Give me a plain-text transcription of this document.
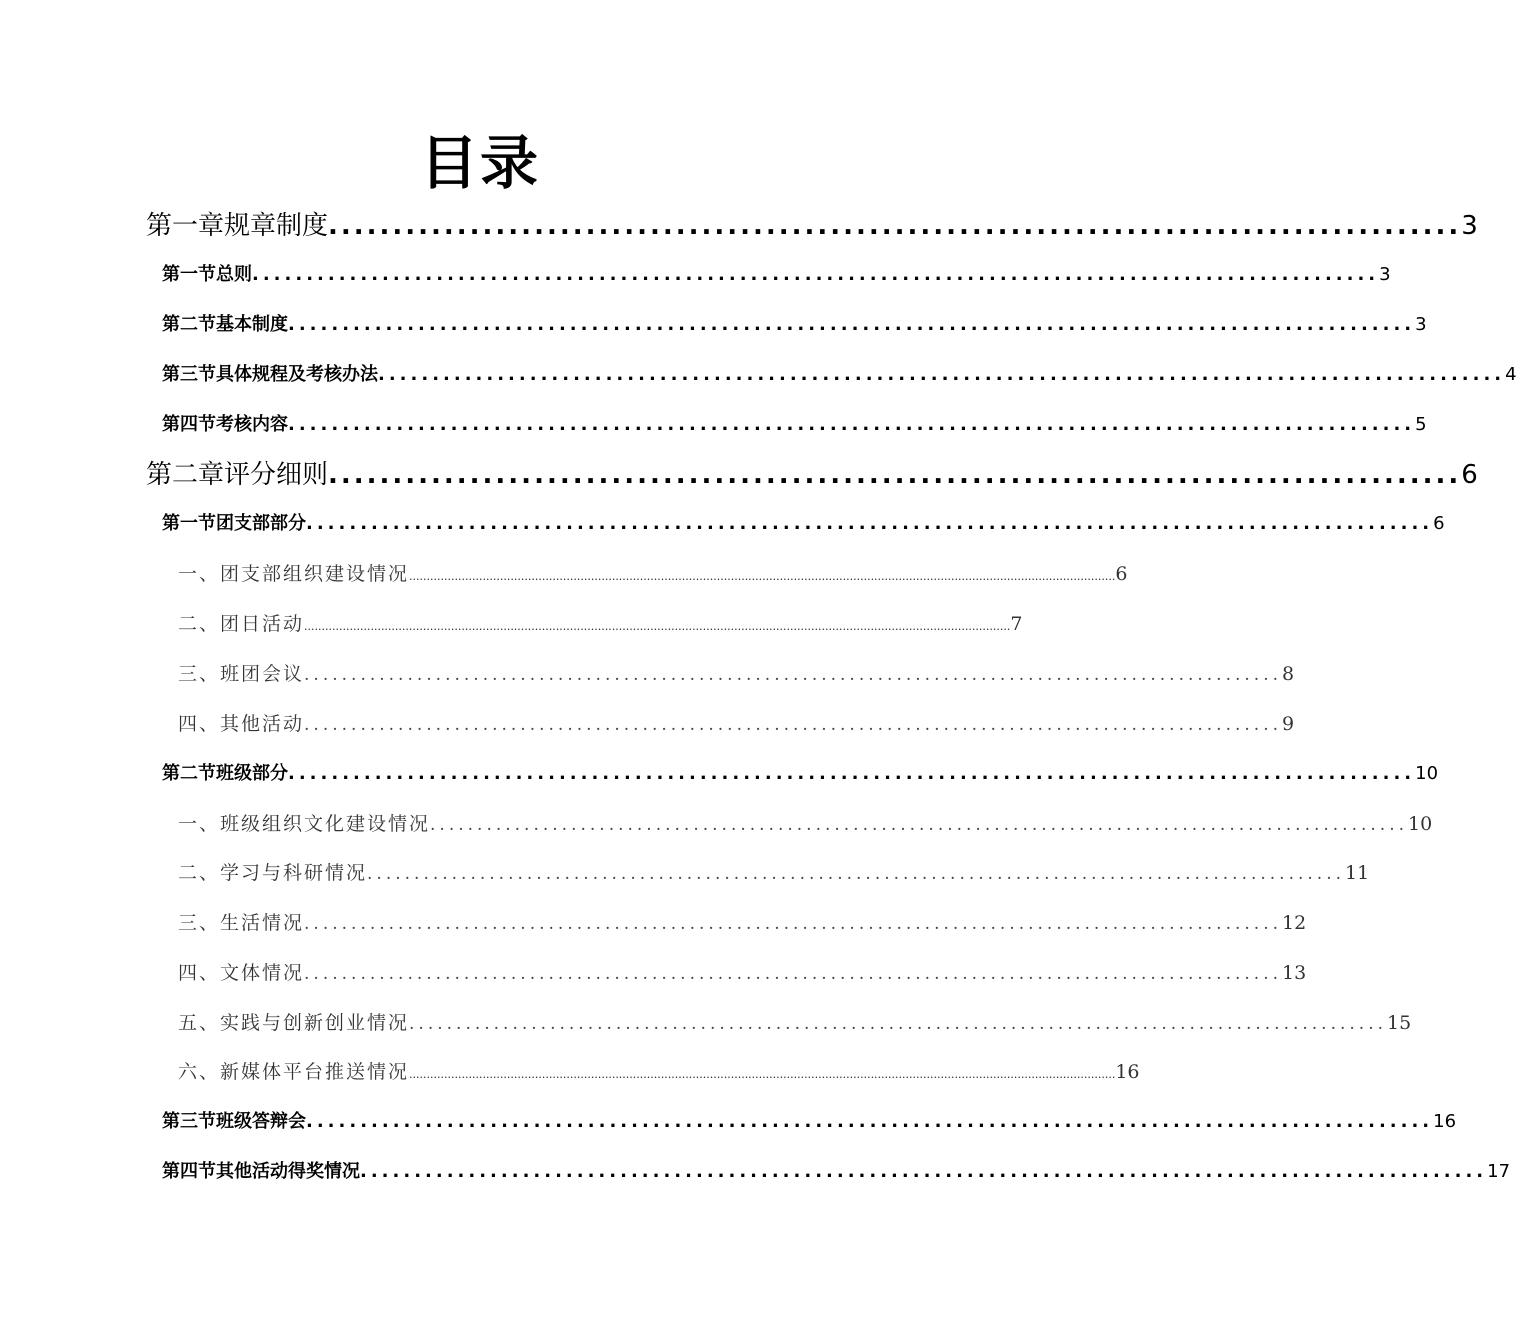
目录
第一章 规章制度 ........................................................................................ 3
第一节 总则 ........................................................................................................ 3
第二节 基本制度 ........................................................................................................ 3
第三节 具体规程及考核办法 ........................................................................................................ 4
第四节 考核内容 ........................................................................................................ 5
第二章 评分细则 ........................................................................................ 6
第一节 团支部部分 ........................................................................................................ 6
一、团支部组织建设情况 .......................................................................................................................................................................................................... 6
二、团日活动 .......................................................................................................................................................................................................... 7
三、班团会议 ........................................................................................................ 8
四、其他活动 ........................................................................................................ 9
第二节 班级部分 ........................................................................................................ 10
一、班级组织文化建设情况 ........................................................................................................ 10
二、学习与科研情况 ........................................................................................................ 11
三、生活情况 ........................................................................................................ 12
四、文体情况 ........................................................................................................ 13
五、实践与创新创业情况 ........................................................................................................ 15
六、新媒体平台推送情况 .......................................................................................................................................................................................................... 16
第三节 班级答辩会 ........................................................................................................ 16
第四节 其他活动得奖情况 ........................................................................................................ 17
